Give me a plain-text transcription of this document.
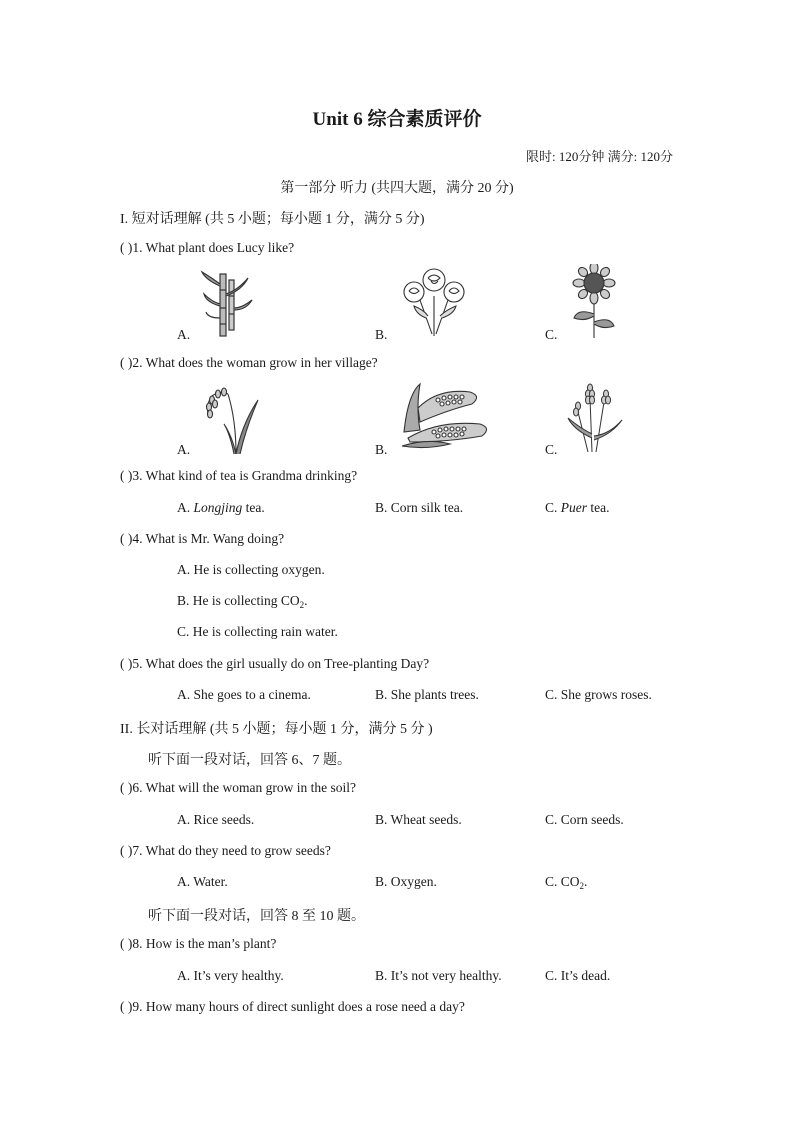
Unit 6 综合素质评价
限时: 120分钟 满分: 120分
第一部分 听力 (共四大题，满分 20 分)
I. 短对话理解 (共 5 小题；每小题 1 分，满分 5 分)
( )1. What plant does Lucy like?
A.	B.	C.
( )2. What does the woman grow in her village?
A.	B.	C.
( )3. What kind of tea is Grandma drinking?
A. Longjing tea.	B. Corn silk tea.	C. Puer tea.
( )4. What is Mr. Wang doing?
A. He is collecting oxygen.
B. He is collecting $CO_2$.
C. He is collecting rain water.
( )5. What does the girl usually do on Tree-planting Day?
A. She goes to a cinema.	B. She plants trees.	C. She grows roses.
II. 长对话理解 (共 5 小题；每小题 1 分，满分 5 分 )
听下面一段对话，回答 6、7 题。
( )6. What will the woman grow in the soil?
A. Rice seeds.	B. Wheat seeds.	C. Corn seeds.
( )7. What do they need to grow seeds?
A. Water.	B. Oxygen.	C. $CO_2$.
听下面一段对话，回答 8 至 10 题。
( )8. How is the man’s plant?
A. It’s very healthy.	B. It’s not very healthy.	C. It’s dead.
( )9. How many hours of direct sunlight does a rose need a day?
